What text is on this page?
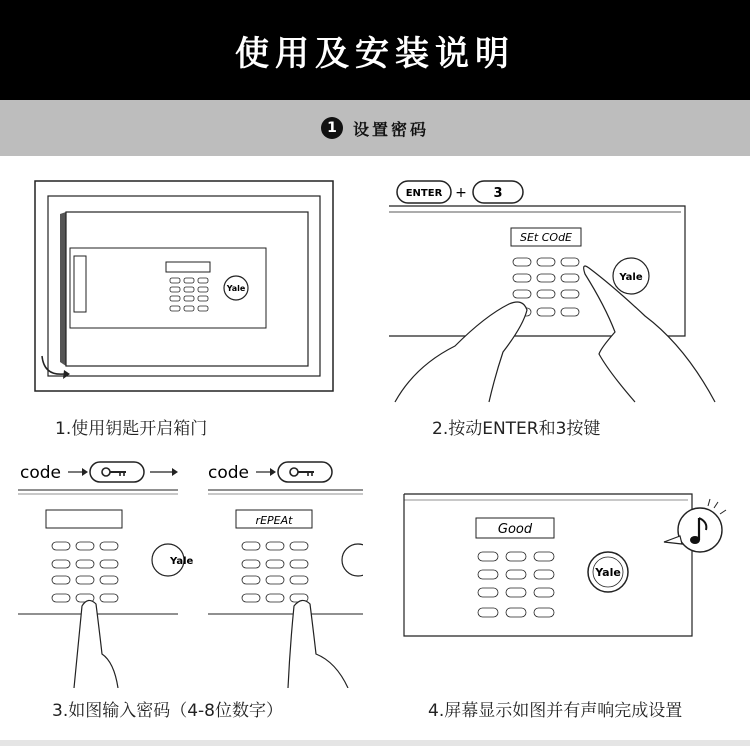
使用及安装说明
1	设置密码
Yale
1.使用钥匙开启箱门
ENTER + 3
SEt COdE
Yale
2.按动ENTER和3按键
code	code
Yale
rEPEAt
3.如图输入密码（4-8位数字）
Good
Yale
4.屏幕显示如图并有声响完成设置
